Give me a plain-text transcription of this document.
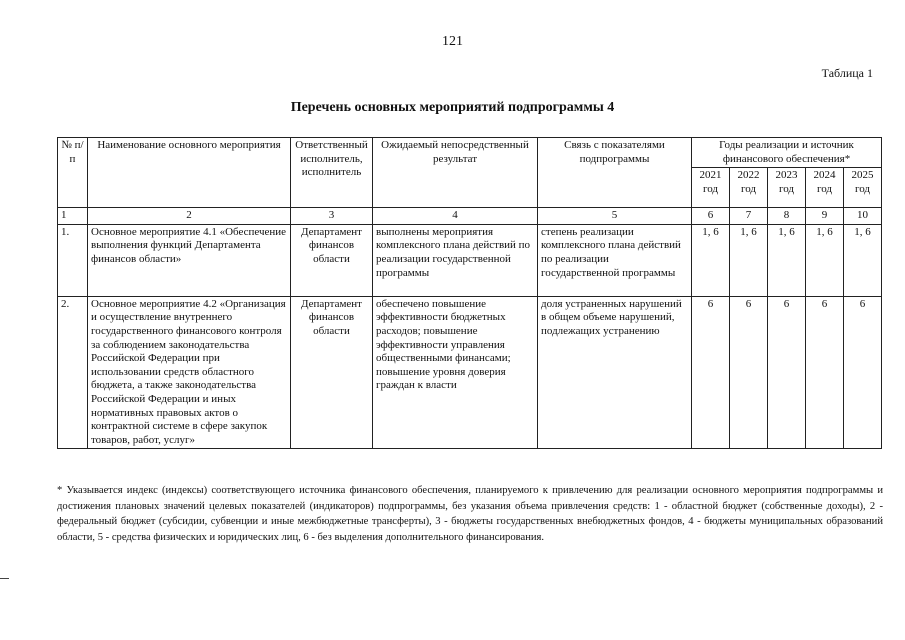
121
Таблица 1
Перечень основных мероприятий подпрограммы 4
№ п/п	Наименование основного мероприятия	Ответственный исполнитель, исполнитель	Ожидаемый непосредственный результат	Связь с показателями подпрограммы	Годы реализации и источник финансового обеспечения*				
					2021 год	2022 год	2023 год	2024 год	2025 год
1	2	3	4	5	6	7	8	9	10
1.	Основное мероприятие 4.1 «Обеспечение выполнения функций Департамента финансов области»	Департамент финансов области	выполнены мероприятия комплексного плана действий по реализации государственной программы	степень реализации комплексного плана действий по реализации государственной программы	1, 6	1, 6	1, 6	1, 6	1, 6
2.	Основное мероприятие 4.2 «Организация и осуществление внутреннего государственного финансового контроля за соблюдением законодательства Российской Федерации при использовании средств областного бюджета, а также законодательства Российской Федерации и иных нормативных правовых актов о контрактной системе в сфере закупок товаров, работ, услуг»	Департамент финансов области	обеспечено повышение эффективности бюджетных расходов; повышение эффективности управления общественными финансами; повышение уровня доверия граждан к власти	доля устраненных нарушений в общем объеме нарушений, подлежащих устранению	6	6	6	6	6
* Указывается индекс (индексы) соответствующего источника финансового обеспечения, планируемого к привлечению для реализации основного мероприятия подпрограммы и достижения плановых значений целевых показателей (индикаторов) подпрограммы, без указания объема привлечения средств: 1 - областной бюджет (собственные доходы), 2 - федеральный бюджет (субсидии, субвенции и иные межбюджетные трансферты), 3 - бюджеты государственных внебюджетных фондов, 4 - бюджеты муниципальных образований области, 5 - средства физических и юридических лиц, 6 - без выделения дополнительного финансирования.
